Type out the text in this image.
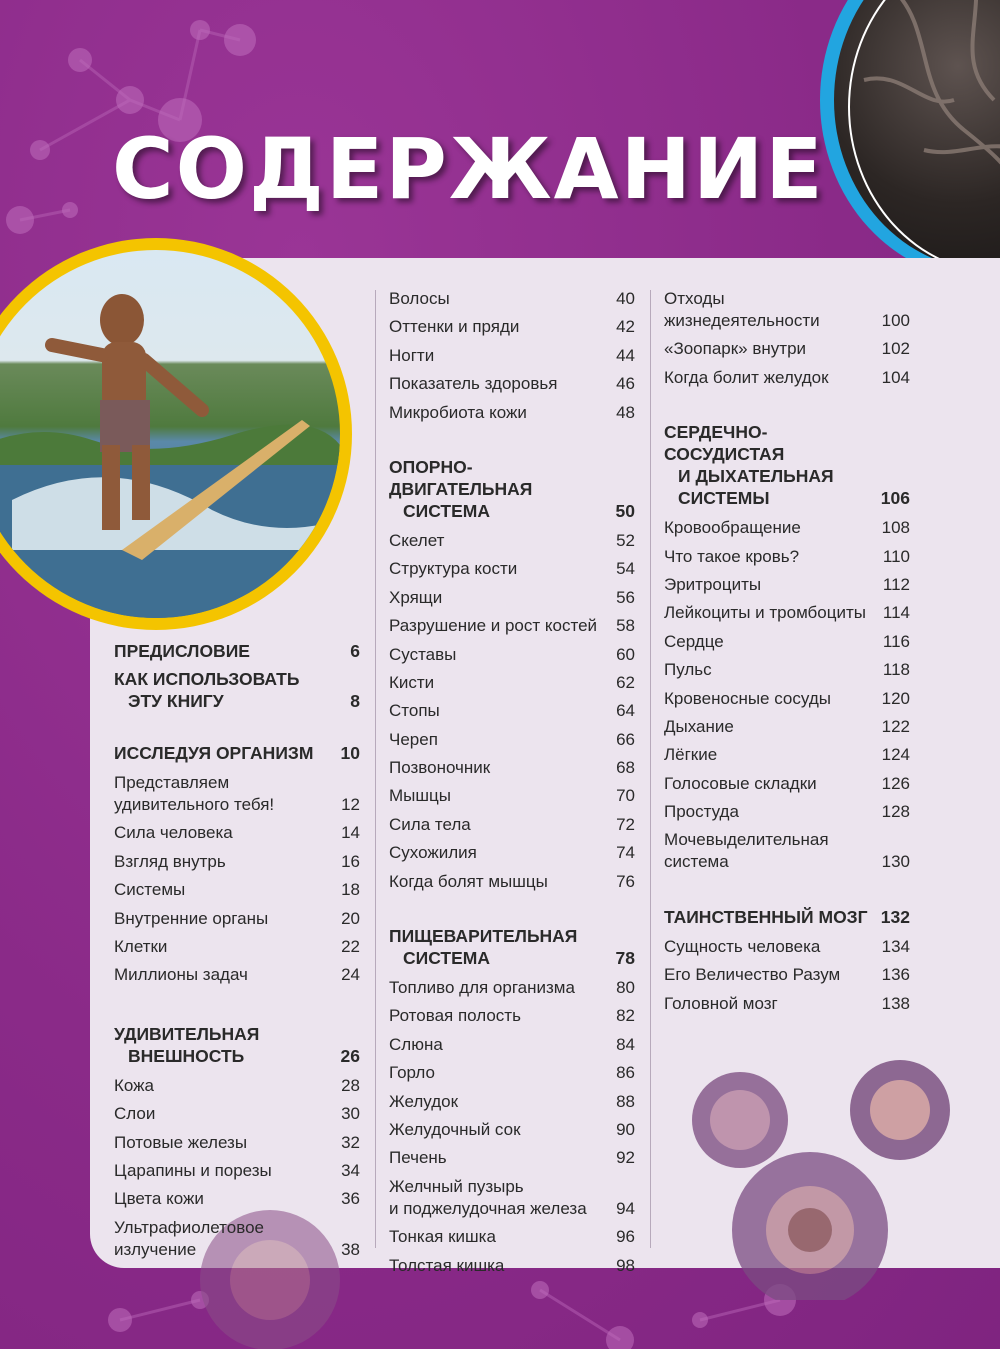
СОДЕРЖАНИЕ
ПРЕДИСЛОВИЕ	6
КАК ИСПОЛЬЗОВАТЬ
ЭТУ КНИГУ	8
ИССЛЕДУЯ ОРГАНИЗМ	10
Представляем
удивительного тебя!	12
Сила человека	14
Взгляд внутрь	16
Системы	18
Внутренние органы	20
Клетки	22
Миллионы задач	24
УДИВИТЕЛЬНАЯ
ВНЕШНОСТЬ	26
Кожа	28
Слои	30
Потовые железы	32
Царапины и порезы	34
Цвета кожи	36
Ультрафиолетовое
излучение	38
Волосы	40
Оттенки и пряди	42
Ногти	44
Показатель здоровья	46
Микробиота кожи	48
ОПОРНО-ДВИГАТЕЛЬНАЯ
СИСТЕМА	50
Скелет	52
Структура кости	54
Хрящи	56
Разрушение и рост костей	58
Суставы	60
Кисти	62
Стопы	64
Череп	66
Позвоночник	68
Мышцы	70
Сила тела	72
Сухожилия	74
Когда болят мышцы	76
ПИЩЕВАРИТЕЛЬНАЯ
СИСТЕМА	78
Топливо для организма	80
Ротовая полость	82
Слюна	84
Горло	86
Желудок	88
Желудочный сок	90
Печень	92
Желчный пузырь
и поджелудочная железа	94
Тонкая кишка	96
Толстая кишка	98
Отходы
жизнедеятельности	100
«Зоопарк» внутри	102
Когда болит желудок	104
СЕРДЕЧНО-СОСУДИСТАЯ
И ДЫХАТЕЛЬНАЯ
СИСТЕМЫ	106
Кровообращение	108
Что такое кровь?	110
Эритроциты	112
Лейкоциты и тромбоциты 114
Сердце	116
Пульс	118
Кровеносные сосуды	120
Дыхание	122
Лёгкие	124
Голосовые складки	126
Простуда	128
Мочевыделительная
система	130
ТАИНСТВЕННЫЙ МОЗГ 132
Сущность человека	134
Его Величество Разум 136
Головной мозг	138
